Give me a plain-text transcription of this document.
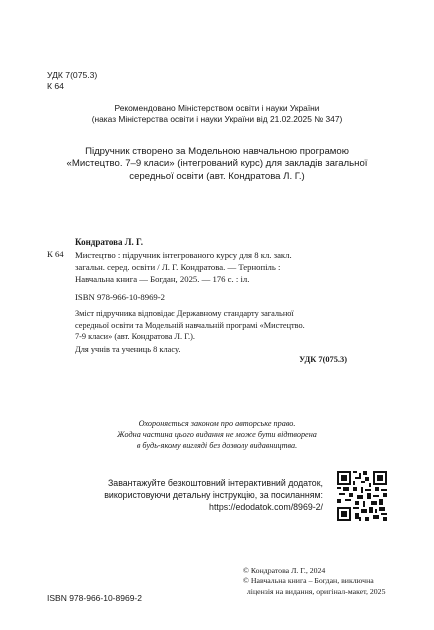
УДК 7(075.3)
К 64
Рекомендовано Міністерством освіти і науки України
(наказ Міністерства освіти і науки України від 21.02.2025 № 347)
Підручник створено за Модельною навчальною програмою
«Мистецтво. 7–9 класи» (інтегрований курс) для закладів загальної
середньої освіти (авт. Кондратова Л. Г.)
Кондратова Л. Г.
К 64 Мистецтво : підручник інтегрованого курсу для 8 кл. закл.
загальн. серед. освіти / Л. Г. Кондратова. — Тернопіль :
Навчальна книга — Богдан, 2025. — 176 с. : іл.
ISBN 978-966-10-8969-2
Зміст підручника відповідає Державному стандарту загальної
середньої освіти та Модельній навчальній програмі «Мистецтво.
7-9 класи» (авт. Кондратова Л. Г.).
Для учнів та учениць 8 класу.
УДК 7(075.3)
Охороняється законом про авторське право.
Жодна частина цього видання не може бути відтворена
в будь-якому вигляді без дозволу видавництва.
Завантажуйте безкоштовний інтерактивний додаток,
використовуючи детальну інструкцію, за посиланням:
https://edodatok.com/8969-2/
ISBN 978-966-10-8969-2
© Кондратова Л. Г., 2024
© Навчальна книга – Богдан, виключна
ліцензія на видання, оригінал-макет, 2025
